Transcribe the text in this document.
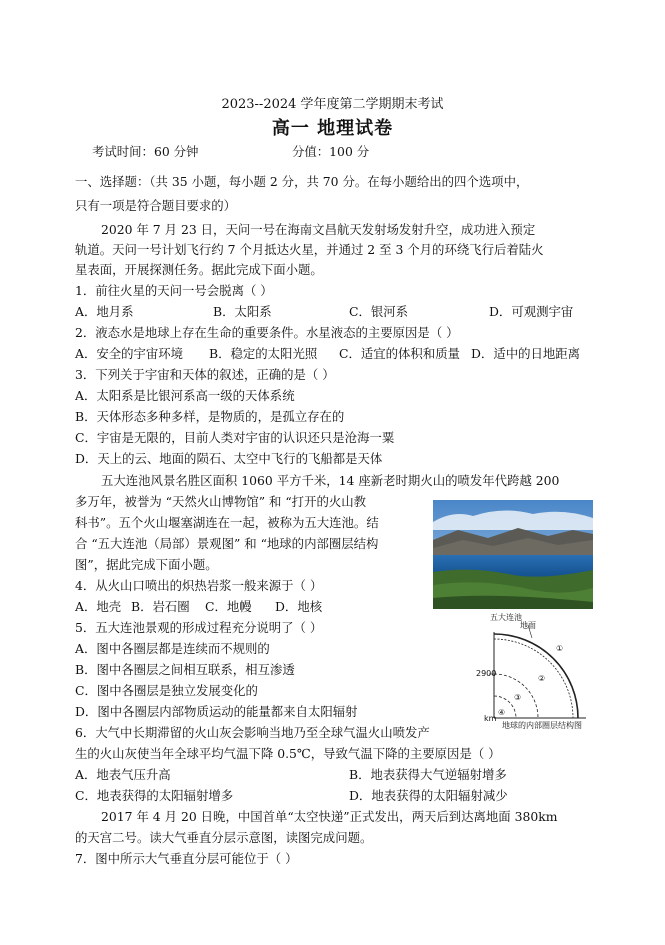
2023--2024 学年度第二学期期末考试
高一 地理试卷
考试时间：60 分钟	分值：100 分
一、选择题：（共 35 小题，每小题 2 分，共 70 分。在每小题给出的四个选项中，
只有一项是符合题目要求的）
2020 年 7 月 23 日，天问一号在海南文昌航天发射场发射升空，成功进入预定
轨道。天问一号计划飞行约 7 个月抵达火星，并通过 2 至 3 个月的环绕飞行后着陆火
星表面，开展探测任务。据此完成下面小题。
1．前往火星的天问一号会脱离（ ）
A．地月系	B．太阳系	C．银河系	D．可观测宇宙
2．液态水是地球上存在生命的重要条件。水星液态的主要原因是（ ）
A．安全的宇宙环境 B．稳定的太阳光照 C．适宜的体积和质量 D．适中的日地距离
3．下列关于宇宙和天体的叙述，正确的是（ ）
A．太阳系是比银河系高一级的天体系统
B．天体形态多种多样，是物质的，是孤立存在的
C．宇宙是无限的，目前人类对宇宙的认识还只是沧海一粟
D．天上的云、地面的陨石、太空中飞行的飞船都是天体
五大连池风景名胜区面积 1060 平方千米，14 座新老时期火山的喷发年代跨越 200
多万年，被誉为 “天然火山博物馆” 和 “打开的火山教
科书”。五个火山堰塞湖连在一起，被称为五大连池。结
合 “五大连池（局部）景观图” 和 “地球的内部圈层结构
图”，据此完成下面小题。
五大连池
4．从火山口喷出的炽热岩浆一般来源于（ ）
A．地壳 B．岩石圈 C．地幔 D．地核
5．五大连池景观的形成过程充分说明了（ ）
A．图中各圈层都是连续而不规则的
B．图中各圈层之间相互联系，相互渗透
C．图中各圈层是独立发展变化的
D．图中各圈层内部物质运动的能量都来自太阳辐射
地面
2900
km
①
②
③
④
地球的内部圈层结构图
6．大气中长期滞留的火山灰会影响当地乃至全球气温火山喷发产
生的火山灰使当年全球平均气温下降 0.5℃，导致气温下降的主要原因是（ ）
A．地表气压升高	B．地表获得大气逆辐射增多
C．地表获得的太阳辐射增多	D．地表获得的太阳辐射减少
2017 年 4 月 20 日晚，中国首单“太空快递”正式发出，两天后到达离地面 380km
的天宫二号。读大气垂直分层示意图，读图完成问题。
7．图中所示大气垂直分层可能位于（ ）
